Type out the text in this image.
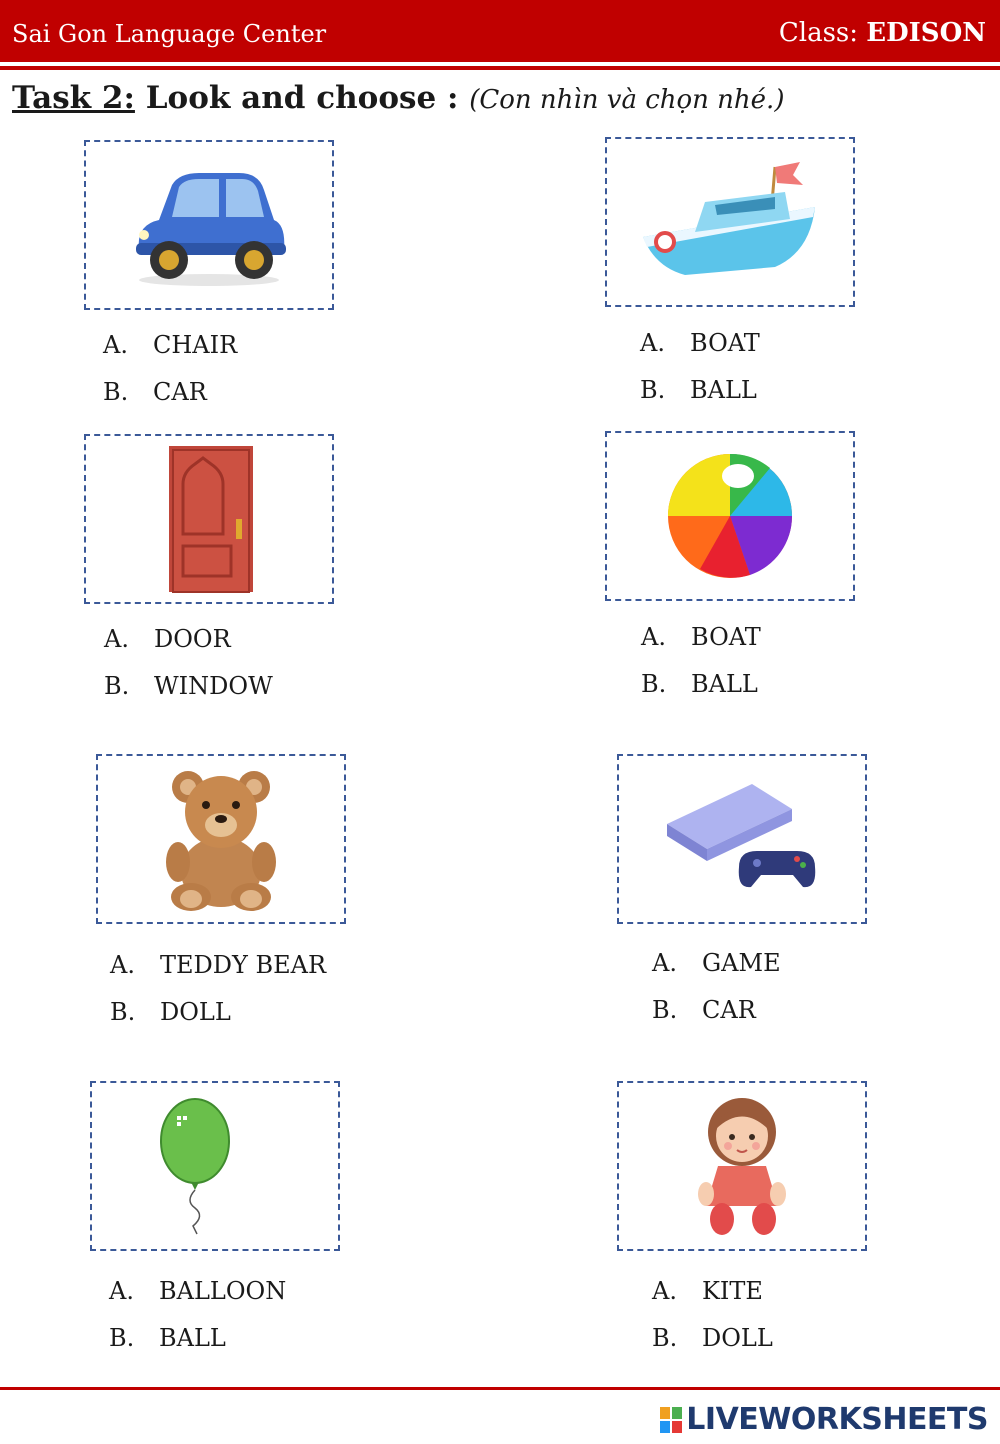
Sai Gon Language Center	Class: EDISON
Task 2: Look and choose : (Con nhìn và chọn nhé.)
A. CHAIR
B. CAR
A. BOAT
B. BALL
A. DOOR
B. WINDOW
A. BOAT
B. BALL
A. TEDDY BEAR
B. DOLL
A. GAME
B. CAR
A. BALLOON
B. BALL
A. KITE
B. DOLL
LIVEWORKSHEETS
